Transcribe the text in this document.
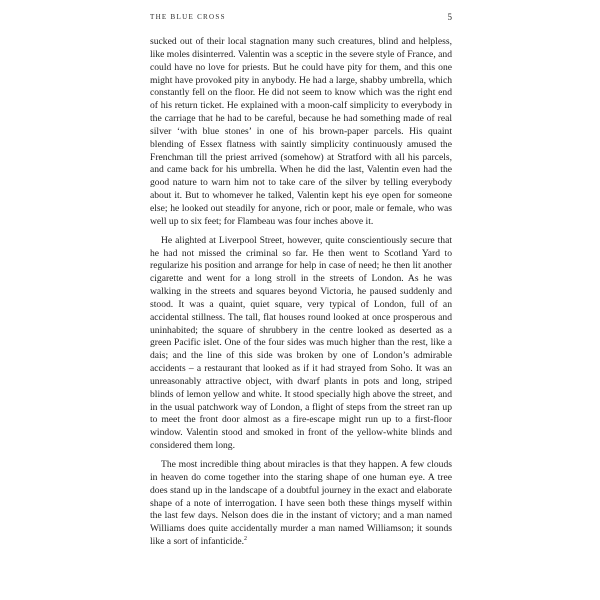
THE BLUE CROSS	5

sucked out of their local stagnation many such creatures, blind and helpless, like moles disinterred. Valentin was a sceptic in the severe style of France, and could have no love for priests. But he could have pity for them, and this one might have provoked pity in anybody. He had a large, shabby umbrella, which constantly fell on the floor. He did not seem to know which was the right end of his return ticket. He explained with a moon-calf simplicity to everybody in the carriage that he had to be careful, because he had something made of real silver ‘with blue stones’ in one of his brown-paper parcels. His quaint blending of Essex flatness with saintly simplicity continuously amused the Frenchman till the priest arrived (somehow) at Stratford with all his parcels, and came back for his umbrella. When he did the last, Valentin even had the good nature to warn him not to take care of the silver by telling everybody about it. But to whomever he talked, Valentin kept his eye open for someone else; he looked out steadily for anyone, rich or poor, male or female, who was well up to six feet; for Flambeau was four inches above it.

He alighted at Liverpool Street, however, quite conscientiously secure that he had not missed the criminal so far. He then went to Scotland Yard to regularize his position and arrange for help in case of need; he then lit another cigarette and went for a long stroll in the streets of London. As he was walking in the streets and squares beyond Victoria, he paused suddenly and stood. It was a quaint, quiet square, very typical of London, full of an accidental stillness. The tall, flat houses round looked at once prosperous and uninhabited; the square of shrubbery in the centre looked as deserted as a green Pacific islet. One of the four sides was much higher than the rest, like a dais; and the line of this side was broken by one of London’s admirable accidents – a restaurant that looked as if it had strayed from Soho. It was an unreasonably attractive object, with dwarf plants in pots and long, striped blinds of lemon yellow and white. It stood specially high above the street, and in the usual patchwork way of London, a flight of steps from the street ran up to meet the front door almost as a fire-escape might run up to a first-floor window. Valentin stood and smoked in front of the yellow-white blinds and considered them long.

The most incredible thing about miracles is that they happen. A few clouds in heaven do come together into the staring shape of one human eye. A tree does stand up in the landscape of a doubtful journey in the exact and elaborate shape of a note of interrogation. I have seen both these things myself within the last few days. Nelson does die in the instant of victory; and a man named Williams does quite accidentally murder a man named Williamson; it sounds like a sort of infanticide.$^2$
